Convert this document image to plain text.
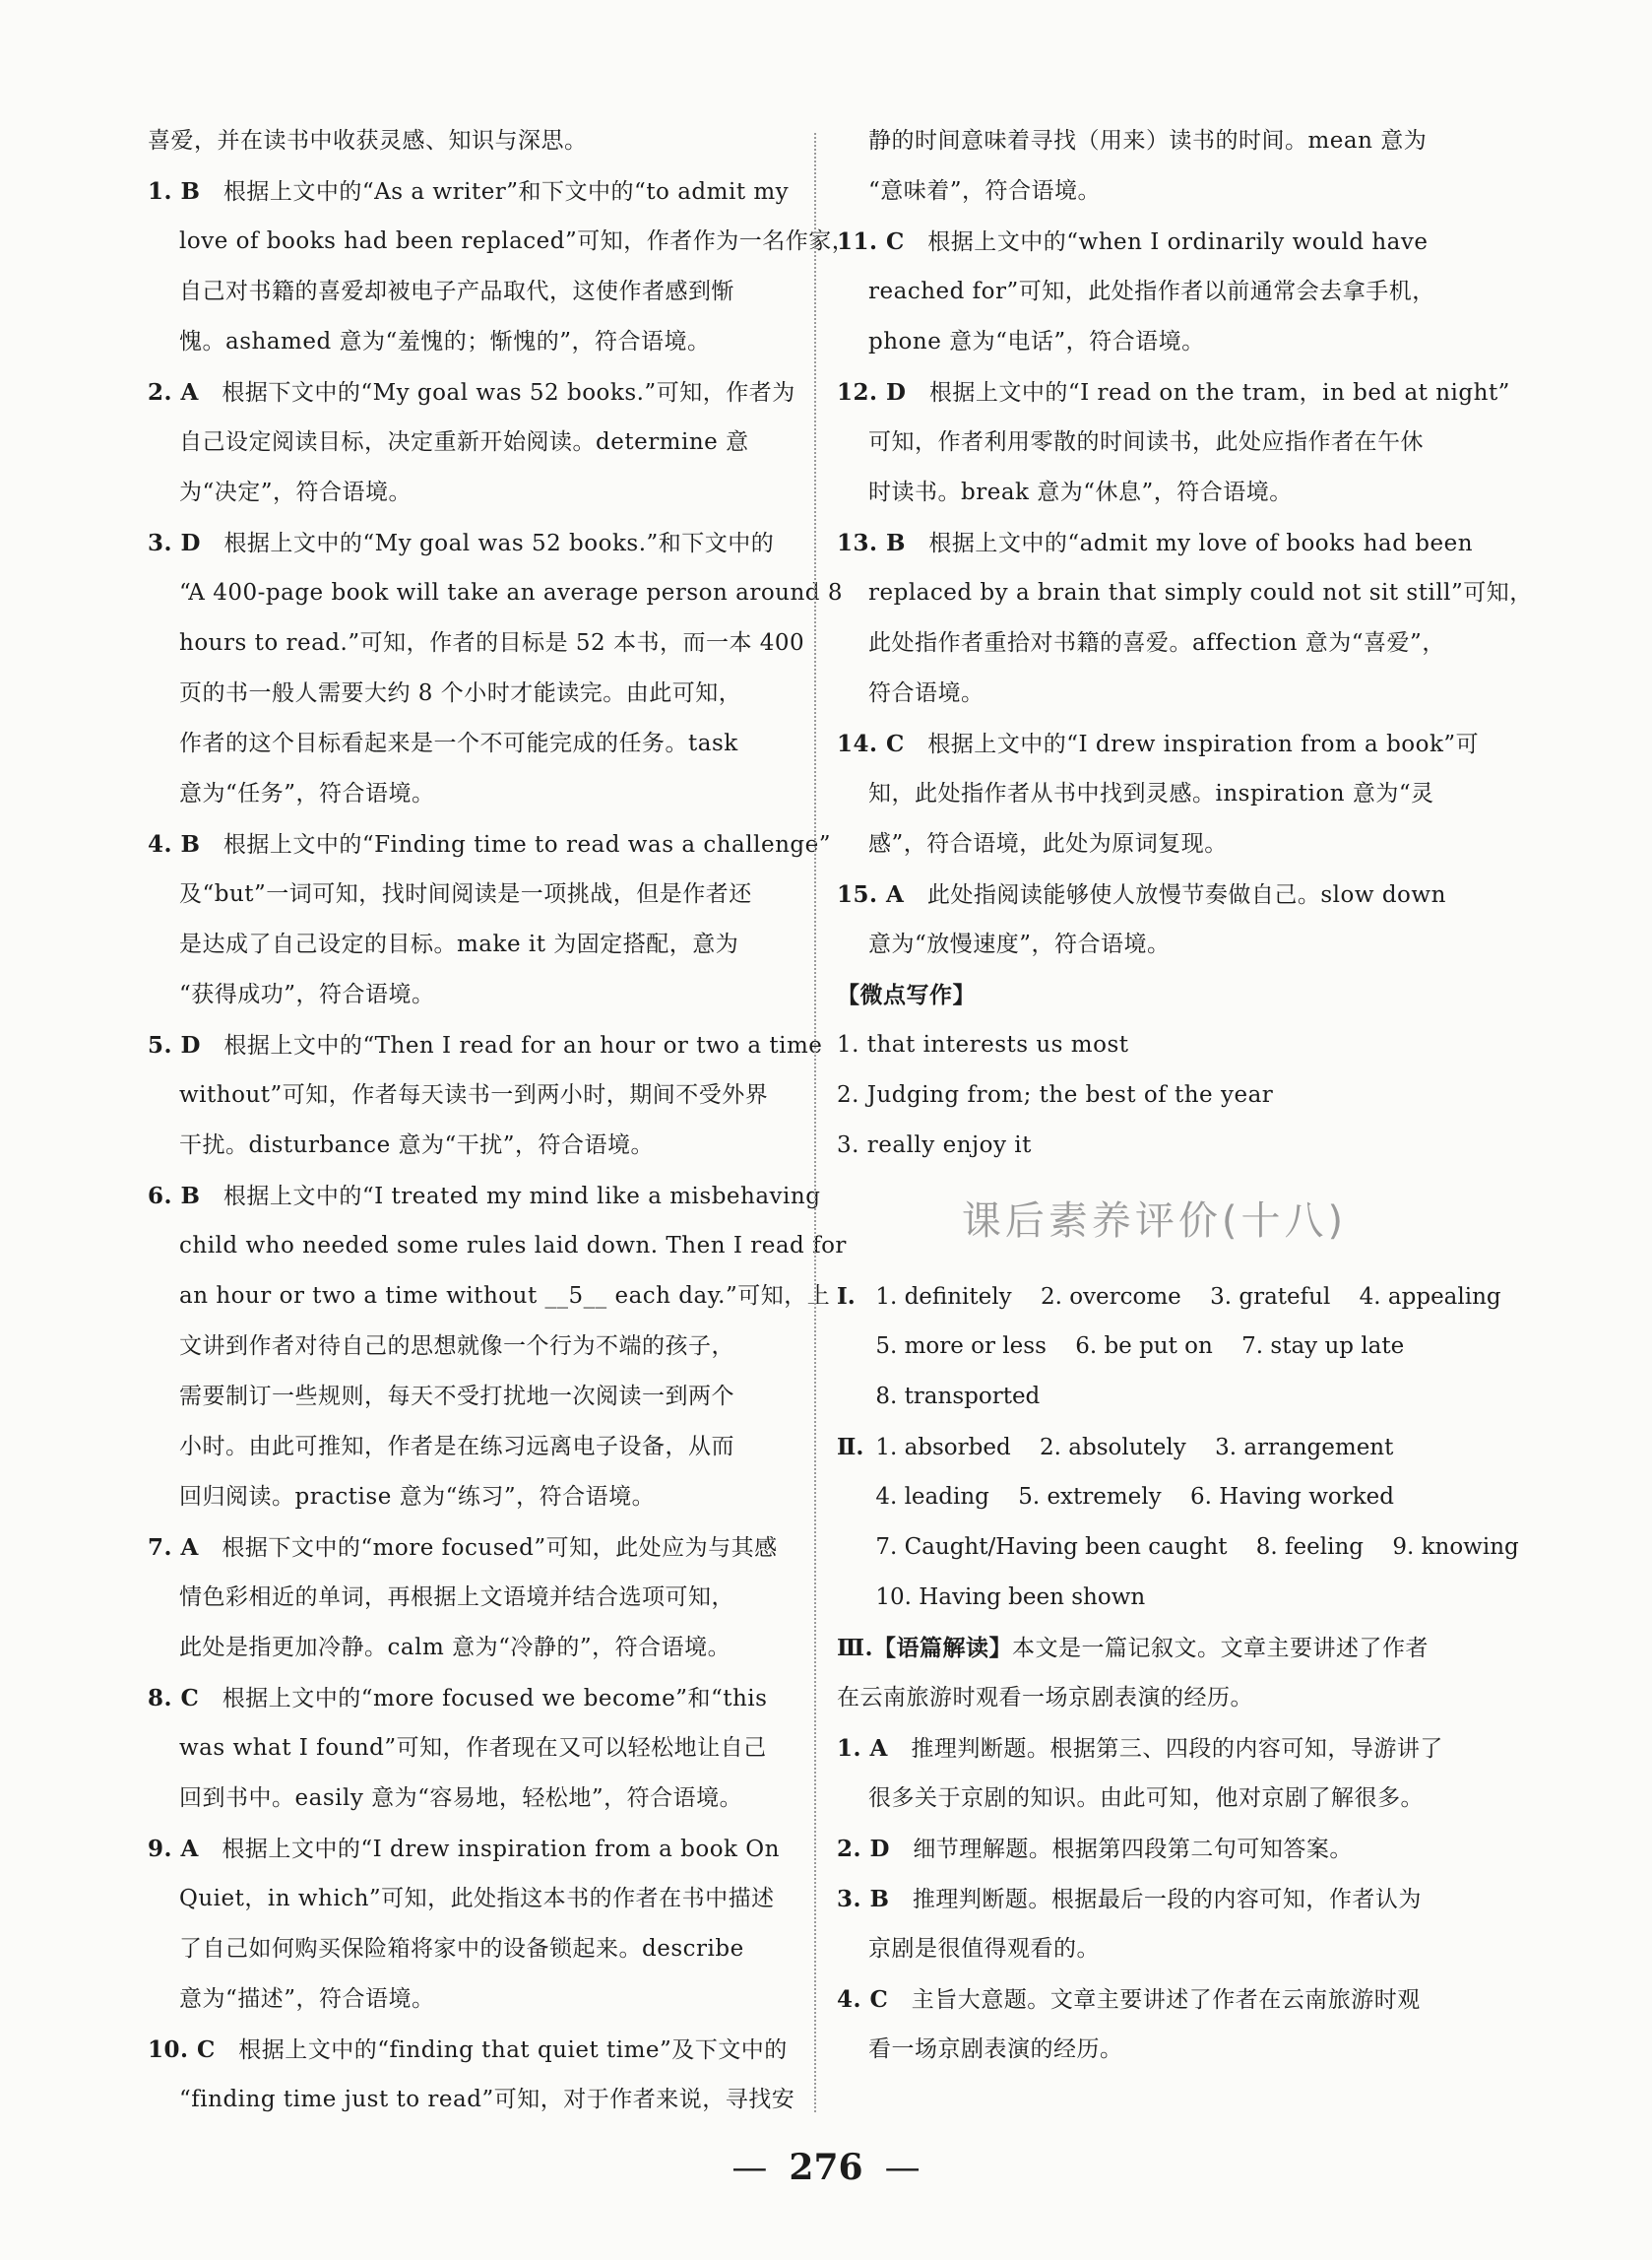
喜爱，并在读书中收获灵感、知识与深思。
1. B 根据上文中的“As a writer”和下文中的“to admit my
love of books had been replaced”可知，作者作为一名作家，
自己对书籍的喜爱却被电子产品取代，这使作者感到惭
愧。ashamed 意为“羞愧的；惭愧的”，符合语境。
2. A 根据下文中的“My goal was 52 books.”可知，作者为
自己设定阅读目标，决定重新开始阅读。determine 意
为“决定”，符合语境。
3. D 根据上文中的“My goal was 52 books.”和下文中的
“A 400-page book will take an average person around 8
hours to read.”可知，作者的目标是 52 本书，而一本 400
页的书一般人需要大约 8 个小时才能读完。由此可知，
作者的这个目标看起来是一个不可能完成的任务。task
意为“任务”，符合语境。
4. B 根据上文中的“Finding time to read was a challenge”
及“but”一词可知，找时间阅读是一项挑战，但是作者还
是达成了自己设定的目标。make it 为固定搭配，意为
“获得成功”，符合语境。
5. D 根据上文中的“Then I read for an hour or two a time
without”可知，作者每天读书一到两小时，期间不受外界
干扰。disturbance 意为“干扰”，符合语境。
6. B 根据上文中的“I treated my mind like a misbehaving
child who needed some rules laid down. Then I read for
an hour or two a time without __5__ each day.”可知，上
文讲到作者对待自己的思想就像一个行为不端的孩子，
需要制订一些规则，每天不受打扰地一次阅读一到两个
小时。由此可推知，作者是在练习远离电子设备，从而
回归阅读。practise 意为“练习”，符合语境。
7. A 根据下文中的“more focused”可知，此处应为与其感
情色彩相近的单词，再根据上文语境并结合选项可知，
此处是指更加冷静。calm 意为“冷静的”，符合语境。
8. C 根据上文中的“more focused we become”和“this
was what I found”可知，作者现在又可以轻松地让自己
回到书中。easily 意为“容易地，轻松地”，符合语境。
9. A 根据上文中的“I drew inspiration from a book On
Quiet，in which”可知，此处指这本书的作者在书中描述
了自己如何购买保险箱将家中的设备锁起来。describe
意为“描述”，符合语境。
10. C 根据上文中的“finding that quiet time”及下文中的
“finding time just to read”可知，对于作者来说，寻找安
静的时间意味着寻找（用来）读书的时间。mean 意为
“意味着”，符合语境。
11. C 根据上文中的“when I ordinarily would have
reached for”可知，此处指作者以前通常会去拿手机，
phone 意为“电话”，符合语境。
12. D 根据上文中的“I read on the tram，in bed at night”
可知，作者利用零散的时间读书，此处应指作者在午休
时读书。break 意为“休息”，符合语境。
13. B 根据上文中的“admit my love of books had been
replaced by a brain that simply could not sit still”可知，
此处指作者重拾对书籍的喜爱。affection 意为“喜爱”，
符合语境。
14. C 根据上文中的“I drew inspiration from a book”可
知，此处指作者从书中找到灵感。inspiration 意为“灵
感”，符合语境，此处为原词复现。
15. A 此处指阅读能够使人放慢节奏做自己。slow down
意为“放慢速度”，符合语境。
【微点写作】
1. that interests us most
2. Judging from; the best of the year
3. really enjoy it
课后素养评价(十八)
Ⅰ. 1. definitely 2. overcome 3. grateful 4. appealing
5. more or less 6. be put on 7. stay up late
8. transported
Ⅱ. 1. absorbed 2. absolutely 3. arrangement
4. leading 5. extremely 6. Having worked
7. Caught/Having been caught 8. feeling 9. knowing
10. Having been shown
Ⅲ.【语篇解读】本文是一篇记叙文。文章主要讲述了作者
在云南旅游时观看一场京剧表演的经历。
1. A 推理判断题。根据第三、四段的内容可知，导游讲了
很多关于京剧的知识。由此可知，他对京剧了解很多。
2. D 细节理解题。根据第四段第二句可知答案。
3. B 推理判断题。根据最后一段的内容可知，作者认为
京剧是很值得观看的。
4. C 主旨大意题。文章主要讲述了作者在云南旅游时观
看一场京剧表演的经历。
— 276 —
